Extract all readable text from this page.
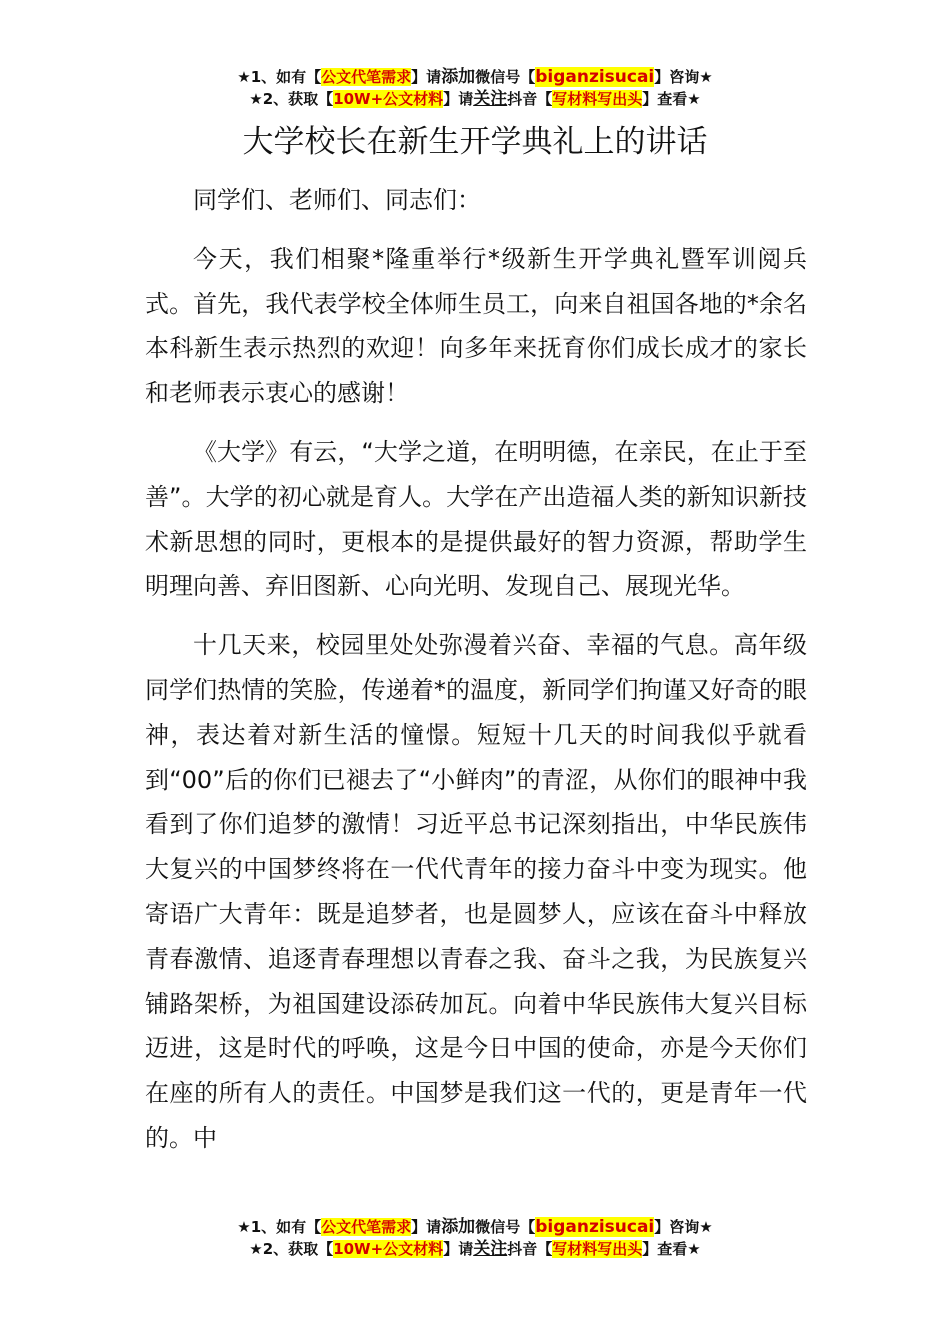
★1、如有【公文代笔需求】请添加微信号【biganzisucai】咨询★
★2、获取【10W+公文材料】请关注抖音【写材料写出头】查看★
大学校长在新生开学典礼上的讲话

同学们、老师们、同志们：

今天，我们相聚*隆重举行*级新生开学典礼暨军训阅兵式。首先，我代表学校全体师生员工，向来自祖国各地的*余名本科新生表示热烈的欢迎！向多年来抚育你们成长成才的家长和老师表示衷心的感谢！

《大学》有云，“大学之道，在明明德，在亲民，在止于至善”。大学的初心就是育人。大学在产出造福人类的新知识新技术新思想的同时，更根本的是提供最好的智力资源，帮助学生明理向善、弃旧图新、心向光明、发现自己、展现光华。

十几天来，校园里处处弥漫着兴奋、幸福的气息。高年级同学们热情的笑脸，传递着*的温度，新同学们拘谨又好奇的眼神，表达着对新生活的憧憬。短短十几天的时间我似乎就看到“00”后的你们已褪去了“小鲜肉”的青涩，从你们的眼神中我看到了你们追梦的激情！习近平总书记深刻指出，中华民族伟大复兴的中国梦终将在一代代青年的接力奋斗中变为现实。他寄语广大青年：既是追梦者，也是圆梦人，应该在奋斗中释放青春激情、追逐青春理想以青春之我、奋斗之我，为民族复兴铺路架桥，为祖国建设添砖加瓦。向着中华民族伟大复兴目标迈进，这是时代的呼唤，这是今日中国的使命，亦是今天你们在座的所有人的责任。中国梦是我们这一代的，更是青年一代的。中

★1、如有【公文代笔需求】请添加微信号【biganzisucai】咨询★
★2、获取【10W+公文材料】请关注抖音【写材料写出头】查看★
